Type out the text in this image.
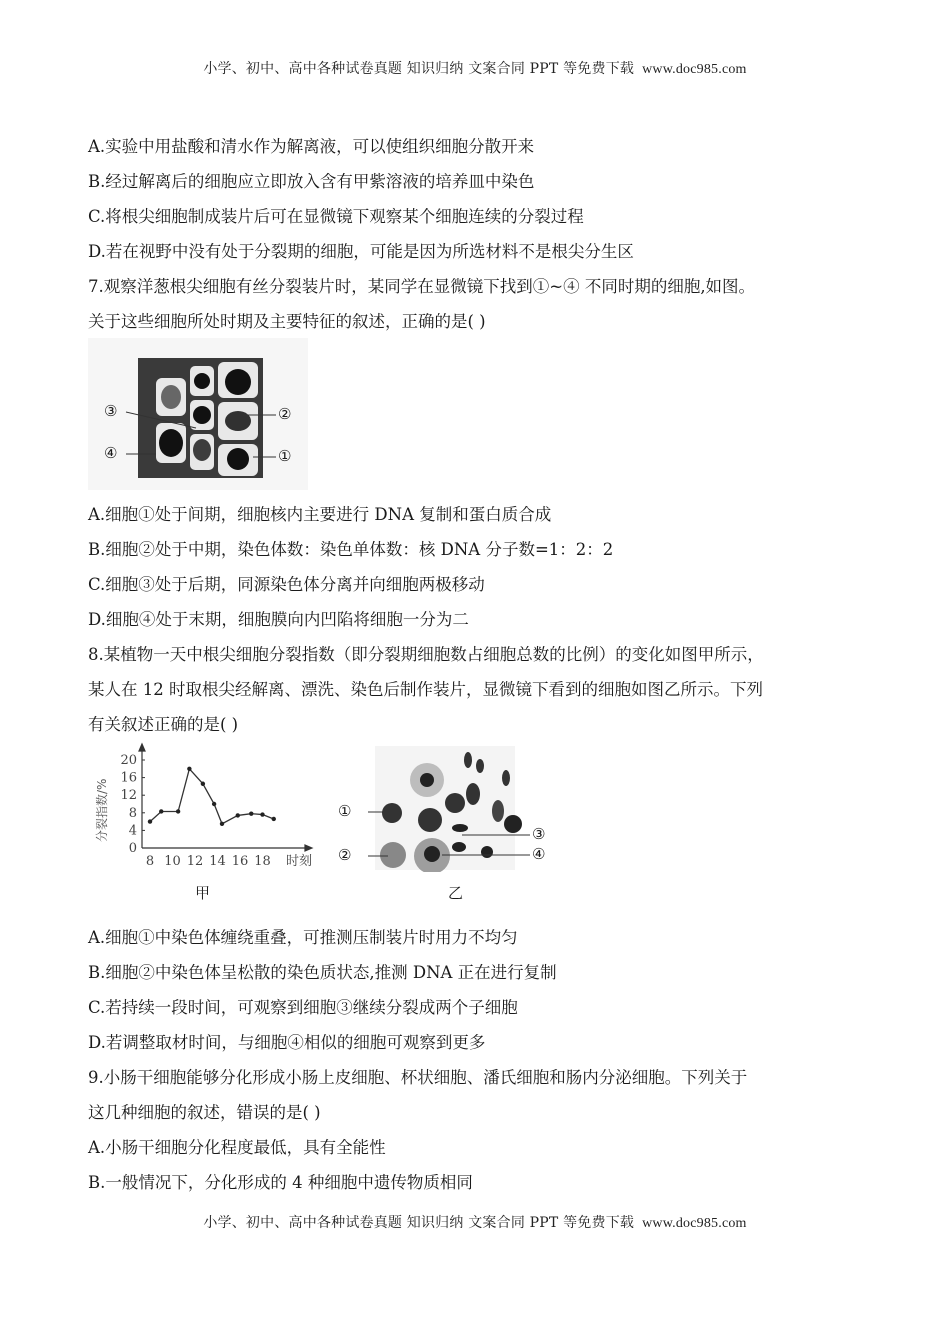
小学、初中、高中各种试卷真题 知识归纳 文案合同 PPT 等免费下载 www.doc985.com
A.实验中用盐酸和清水作为解离液，可以使组织细胞分散开来
B.经过解离后的细胞应立即放入含有甲紫溶液的培养皿中染色
C.将根尖细胞制成装片后可在显微镜下观察某个细胞连续的分裂过程
D.若在视野中没有处于分裂期的细胞，可能是因为所选材料不是根尖分生区
7.观察洋葱根尖细胞有丝分裂装片时，某同学在显微镜下找到①~④ 不同时期的细胞,如图。
关于这些细胞所处时期及主要特征的叙述，正确的是( )
③
④
②
①
A.细胞①处于间期，细胞核内主要进行 DNA 复制和蛋白质合成
B.细胞②处于中期，染色体数：染色单体数：核 DNA 分子数=1：2：2
C.细胞③处于后期，同源染色体分离并向细胞两极移动
D.细胞④处于末期，细胞膜向内凹陷将细胞一分为二
8.某植物一天中根尖细胞分裂指数（即分裂期细胞数占细胞总数的比例）的变化如图甲所示，
某人在 12 时取根尖经解离、漂洗、染色后制作装片，显微镜下看到的细胞如图乙所示。下列
有关叙述正确的是( )
0
4
8
12
16
20
8 10 12 14 16 18
分裂指数/%
时刻
甲
①
②
③
④
乙
A.细胞①中染色体缠绕重叠，可推测压制装片时用力不均匀
B.细胞②中染色体呈松散的染色质状态,推测 DNA 正在进行复制
C.若持续一段时间，可观察到细胞③继续分裂成两个子细胞
D.若调整取材时间，与细胞④相似的细胞可观察到更多
9.小肠干细胞能够分化形成小肠上皮细胞、杯状细胞、潘氏细胞和肠内分泌细胞。下列关于
这几种细胞的叙述，错误的是( )
A.小肠干细胞分化程度最低，具有全能性
B.一般情况下，分化形成的 4 种细胞中遗传物质相同
小学、初中、高中各种试卷真题 知识归纳 文案合同 PPT 等免费下载 www.doc985.com
